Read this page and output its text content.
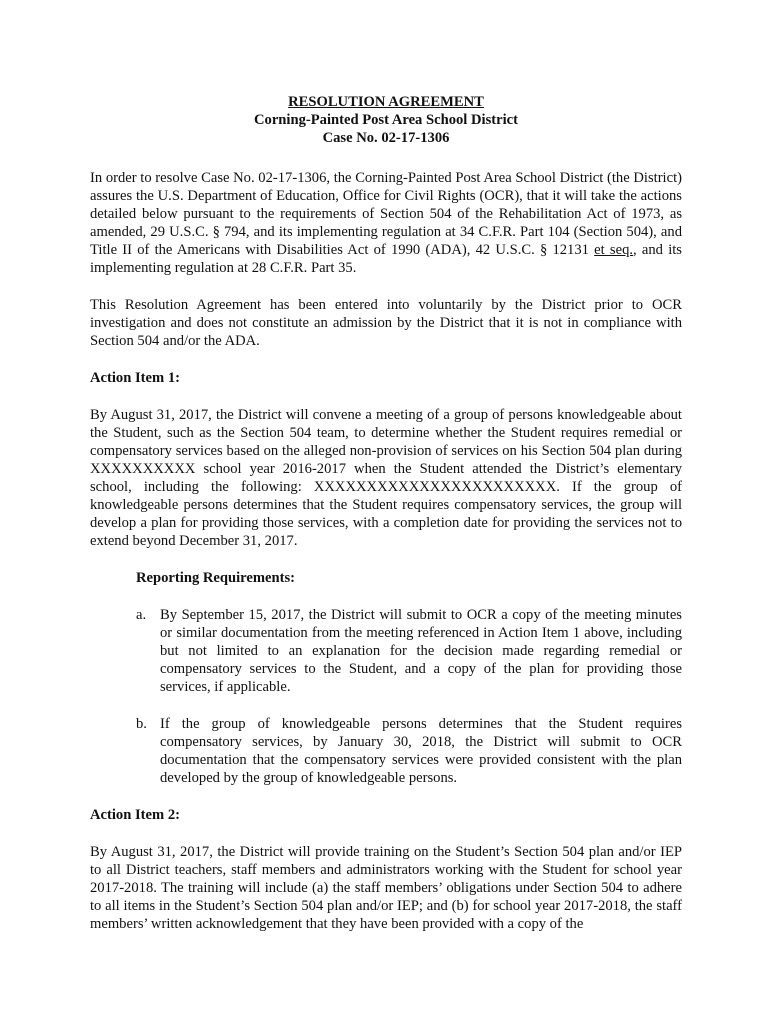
RESOLUTION AGREEMENT
Corning-Painted Post Area School District
Case No. 02-17-1306

In order to resolve Case No. 02-17-1306, the Corning-Painted Post Area School District (the District) assures the U.S. Department of Education, Office for Civil Rights (OCR), that it will take the actions detailed below pursuant to the requirements of Section 504 of the Rehabilitation Act of 1973, as amended, 29 U.S.C. § 794, and its implementing regulation at 34 C.F.R. Part 104 (Section 504), and Title II of the Americans with Disabilities Act of 1990 (ADA), 42 U.S.C. § 12131 et seq., and its implementing regulation at 28 C.F.R. Part 35.

This Resolution Agreement has been entered into voluntarily by the District prior to OCR investigation and does not constitute an admission by the District that it is not in compliance with Section 504 and/or the ADA.

Action Item 1:

By August 31, 2017, the District will convene a meeting of a group of persons knowledgeable about the Student, such as the Section 504 team, to determine whether the Student requires remedial or compensatory services based on the alleged non-provision of services on his Section 504 plan during XXXXXXXXXX school year 2016-2017 when the Student attended the District’s elementary school, including the following: XXXXXXXXXXXXXXXXXXXXXXX. If the group of knowledgeable persons determines that the Student requires compensatory services, the group will develop a plan for providing those services, with a completion date for providing the services not to extend beyond December 31, 2017.

Reporting Requirements:
a. By September 15, 2017, the District will submit to OCR a copy of the meeting minutes or similar documentation from the meeting referenced in Action Item 1 above, including but not limited to an explanation for the decision made regarding remedial or compensatory services to the Student, and a copy of the plan for providing those services, if applicable.
b. If the group of knowledgeable persons determines that the Student requires compensatory services, by January 30, 2018, the District will submit to OCR documentation that the compensatory services were provided consistent with the plan developed by the group of knowledgeable persons.
Action Item 2:

By August 31, 2017, the District will provide training on the Student’s Section 504 plan and/or IEP to all District teachers, staff members and administrators working with the Student for school year 2017-2018. The training will include (a) the staff members’ obligations under Section 504 to adhere to all items in the Student’s Section 504 plan and/or IEP; and (b) for school year 2017-2018, the staff members’ written acknowledgement that they have been provided with a copy of the
